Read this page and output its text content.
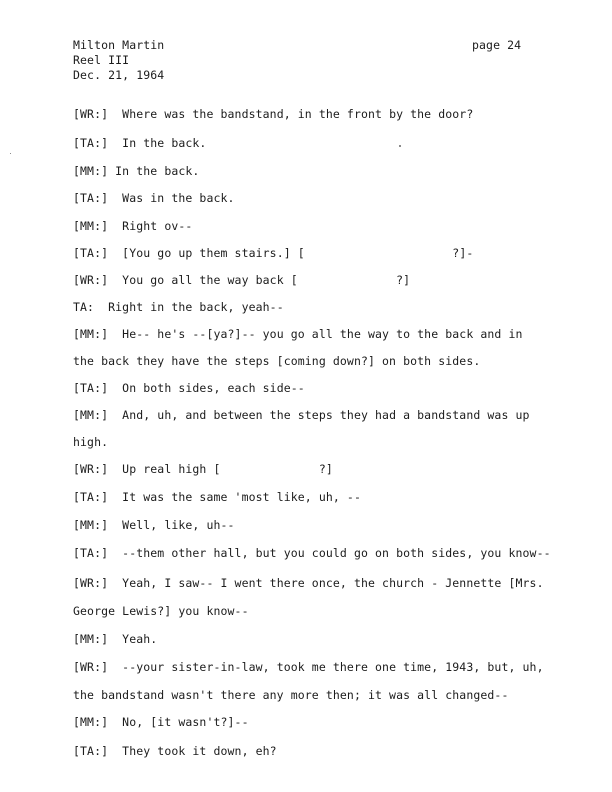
Milton Martin
Reel III
Dec. 21, 1964
page 24
[WR:]  Where was the bandstand, in the front by the door?
[TA:]  In the back.
[MM:] In the back.
[TA:]  Was in the back.
[MM:]  Right ov--
[TA:]  [You go up them stairs.] [	?]-
[WR:]  You go all the way back [              ?]
TA:  Right in the back, yeah--
[MM:]  He-- he's --[ya?]-- you go all the way to the back and in
the back they have the steps [coming down?] on both sides.
[TA:]  On both sides, each side--
[MM:]  And, uh, and between the steps they had a bandstand was up
high.
[WR:]  Up real high [              ?]
[TA:]  It was the same 'most like, uh, --
[MM:]  Well, like, uh--
[TA:]  --them other hall, but you could go on both sides, you know--
[WR:]  Yeah, I saw-- I went there once, the church - Jennette [Mrs.
George Lewis?] you know--
[MM:]  Yeah.
[WR:]  --your sister-in-law, took me there one time, 1943, but, uh,
the bandstand wasn't there any more then; it was all changed--
[MM:]  No, [it wasn't?]--
[TA:]  They took it down, eh?
